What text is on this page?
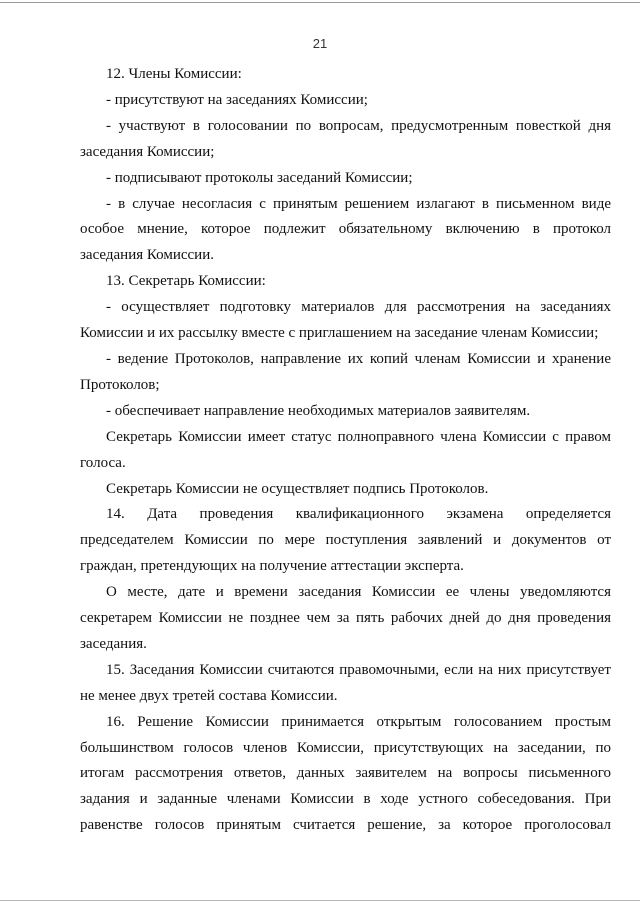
21

12. Члены Комиссии:

- присутствуют на заседаниях Комиссии;

- участвуют в голосовании по вопросам, предусмотренным повесткой дня заседания Комиссии;

- подписывают протоколы заседаний Комиссии;

- в случае несогласия с принятым решением излагают в письменном виде особое мнение, которое подлежит обязательному включению в протокол заседания Комиссии.

13. Секретарь Комиссии:

- осуществляет подготовку материалов для рассмотрения на заседаниях Комиссии и их рассылку вместе с приглашением на заседание членам Комиссии;

- ведение Протоколов, направление их копий членам Комиссии и хранение Протоколов;

- обеспечивает направление необходимых материалов заявителям.

Секретарь Комиссии имеет статус полноправного члена Комиссии с правом голоса.

Секретарь Комиссии не осуществляет подпись Протоколов.

14. Дата проведения квалификационного экзамена определяется председателем Комиссии по мере поступления заявлений и документов от граждан, претендующих на получение аттестации эксперта.

О месте, дате и времени заседания Комиссии ее члены уведомляются секретарем Комиссии не позднее чем за пять рабочих дней до дня проведения заседания.

15. Заседания Комиссии считаются правомочными, если на них присутствует не менее двух третей состава Комиссии.

16. Решение Комиссии принимается открытым голосованием простым большинством голосов членов Комиссии, присутствующих на заседании, по итогам рассмотрения ответов, данных заявителем на вопросы письменного задания и заданные членами Комиссии в ходе устного собеседования. При равенстве голосов принятым считается решение, за которое проголосовал
